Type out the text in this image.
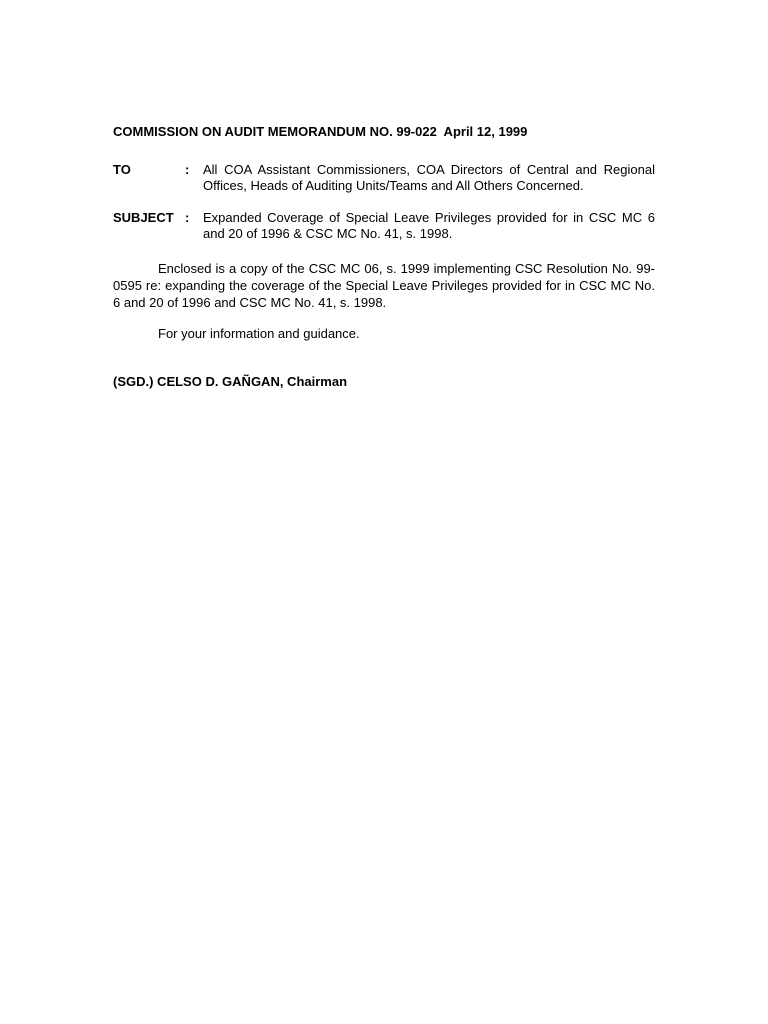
COMMISSION ON AUDIT MEMORANDUM NO. 99-022  April 12, 1999
TO	: All COA Assistant Commissioners, COA Directors of Central and Regional Offices, Heads of Auditing Units/Teams and All Others Concerned.
SUBJECT : Expanded Coverage of Special Leave Privileges provided for in CSC MC 6 and 20 of 1996 & CSC MC No. 41, s. 1998.
Enclosed is a copy of the CSC MC 06, s. 1999 implementing CSC Resolution No. 99-0595 re: expanding the coverage of the Special Leave Privileges provided for in CSC MC No. 6 and 20 of 1996 and CSC MC No. 41, s. 1998.
For your information and guidance.
(SGD.) CELSO D. GAÑGAN, Chairman
